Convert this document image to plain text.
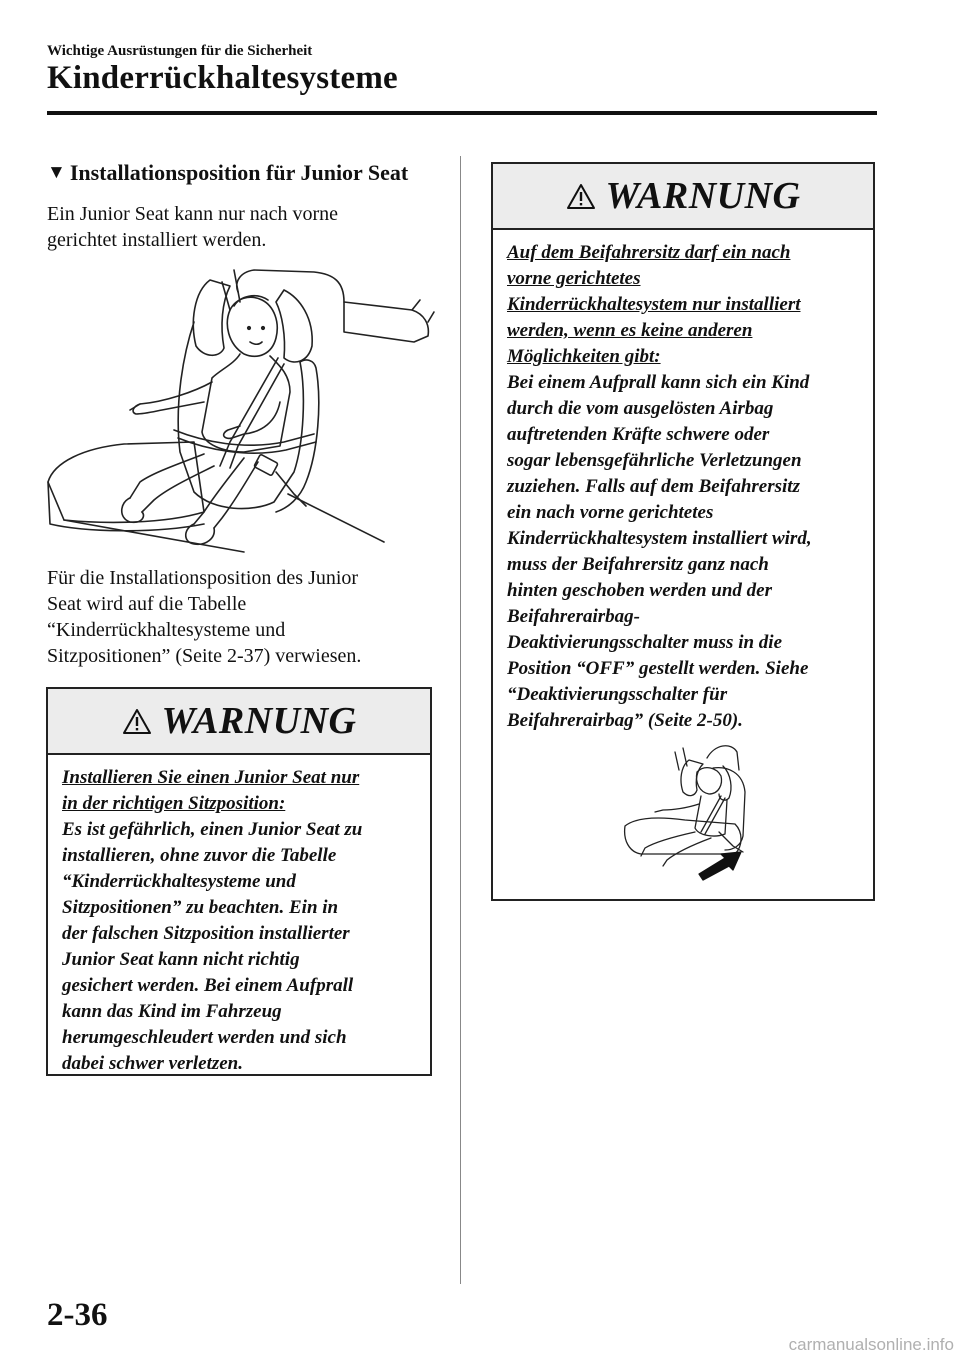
Wichtige Ausrüstungen für die Sicherheit
Kinderrückhaltesysteme
▼ Installationsposition für Junior Seat
Ein Junior Seat kann nur nach vorne
gerichtet installiert werden.
Für die Installationsposition des Junior
Seat wird auf die Tabelle
“Kinderrückhaltesysteme und
Sitzpositionen” (Seite 2-37) verwiesen.
WARNUNG
Installieren Sie einen Junior Seat nur
in der richtigen Sitzposition:
Es ist gefährlich, einen Junior Seat zu
installieren, ohne zuvor die Tabelle
“Kinderrückhaltesysteme und
Sitzpositionen” zu beachten. Ein in
der falschen Sitzposition installierter
Junior Seat kann nicht richtig
gesichert werden. Bei einem Aufprall
kann das Kind im Fahrzeug
herumgeschleudert werden und sich
dabei schwer verletzen.
WARNUNG
Auf dem Beifahrersitz darf ein nach
vorne gerichtetes
Kinderrückhaltesystem nur installiert
werden, wenn es keine anderen
Möglichkeiten gibt:
Bei einem Aufprall kann sich ein Kind
durch die vom ausgelösten Airbag
auftretenden Kräfte schwere oder
sogar lebensgefährliche Verletzungen
zuziehen. Falls auf dem Beifahrersitz
ein nach vorne gerichtetes
Kinderrückhaltesystem installiert wird,
muss der Beifahrersitz ganz nach
hinten geschoben werden und der
Beifahrerairbag-
Deaktivierungsschalter muss in die
Position “OFF” gestellt werden. Siehe
“Deaktivierungsschalter für
Beifahrerairbag” (Seite 2-50).
2-36
carmanualsonline.info
